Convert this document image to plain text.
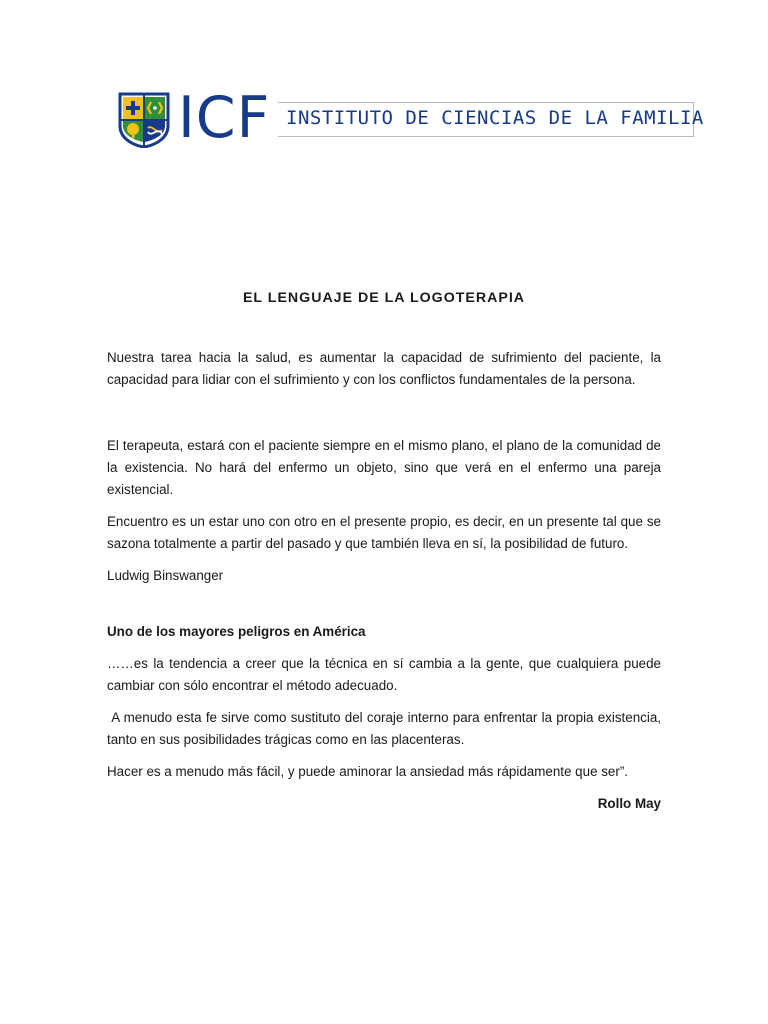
ICF INSTITUTO DE CIENCIAS DE LA FAMILIA
EL LENGUAJE DE LA LOGOTERAPIA

Nuestra tarea hacia la salud, es aumentar la capacidad de sufrimiento del paciente, la capacidad para lidiar con el sufrimiento y con los conflictos fundamentales de la persona.

El terapeuta, estará con el paciente siempre en el mismo plano, el plano de la comunidad de la existencia. No hará del enfermo un objeto, sino que verá en el enfermo una pareja existencial.

Encuentro es un estar uno con otro en el presente propio, es decir, en un presente tal que se sazona totalmente a partir del pasado y que también lleva en sí, la posibilidad de futuro.

Ludwig Binswanger

Uno de los mayores peligros en América

……es la tendencia a creer que la técnica en sí cambia a la gente, que cualquiera puede cambiar con sólo encontrar el método adecuado.

A menudo esta fe sirve como sustituto del coraje interno para enfrentar la propia existencia, tanto en sus posibilidades trágicas como en las placenteras.

Hacer es a menudo más fácil, y puede aminorar la ansiedad más rápidamente que ser”.

Rollo May
